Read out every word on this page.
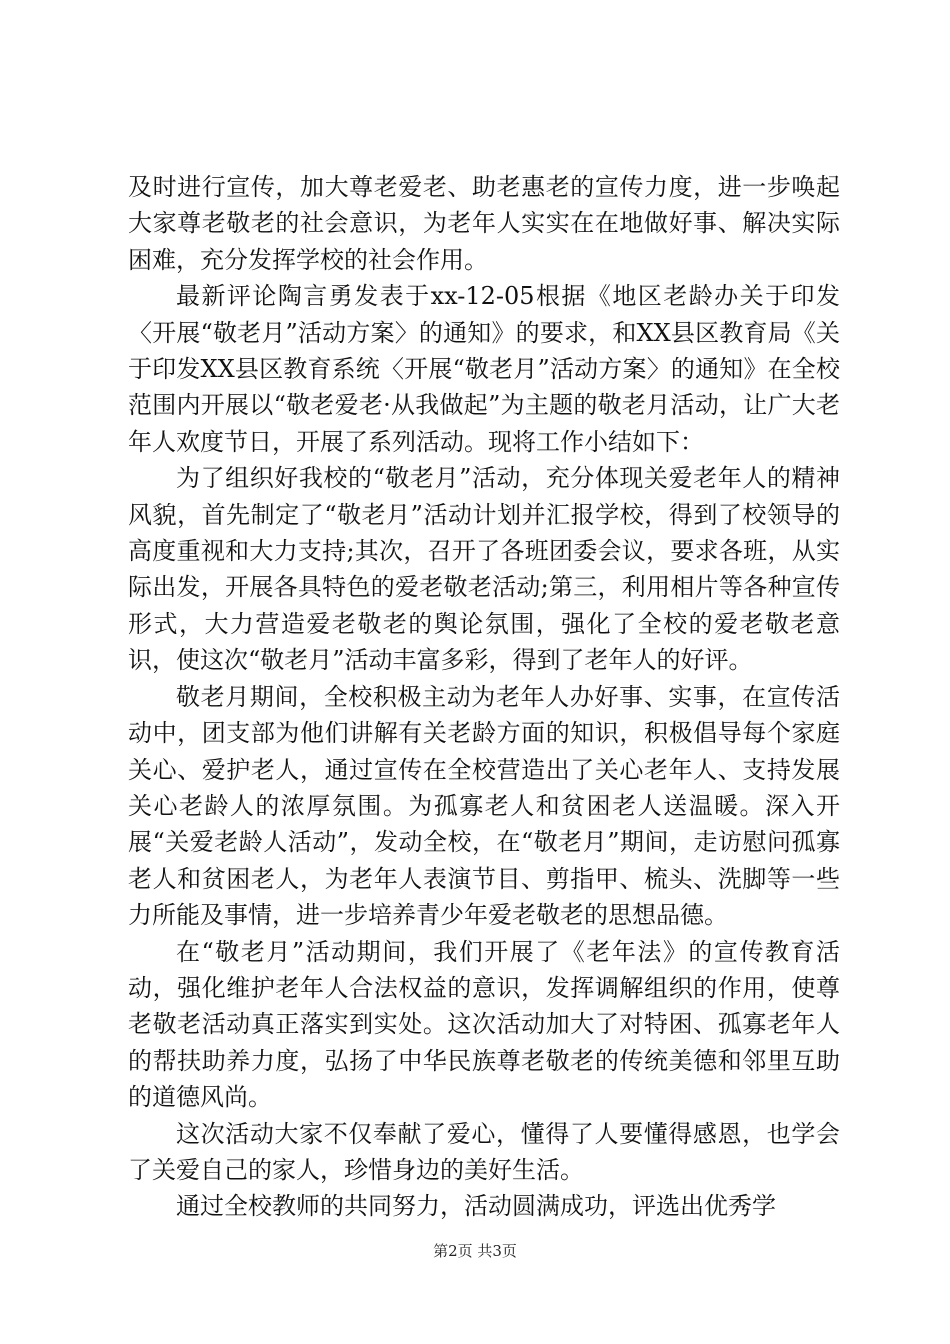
及时进行宣传，加大尊老爱老、助老惠老的宣传力度，进一步唤起大家尊老敬老的社会意识，为老年人实实在在地做好事、解决实际困难，充分发挥学校的社会作用。

最新评论陶言勇发表于xx-12-05根据《地区老龄办关于印发〈开展“敬老月”活动方案〉的通知》的要求，和XX县区教育局《关于印发XX县区教育系统〈开展“敬老月”活动方案〉的通知》在全校范围内开展以“敬老爱老·从我做起”为主题的敬老月活动，让广大老年人欢度节日，开展了系列活动。现将工作小结如下：

为了组织好我校的“敬老月”活动，充分体现关爱老年人的精神风貌，首先制定了“敬老月”活动计划并汇报学校，得到了校领导的高度重视和大力支持;其次，召开了各班团委会议，要求各班，从实际出发，开展各具特色的爱老敬老活动;第三，利用相片等各种宣传形式，大力营造爱老敬老的舆论氛围，强化了全校的爱老敬老意识，使这次“敬老月”活动丰富多彩，得到了老年人的好评。

敬老月期间，全校积极主动为老年人办好事、实事，在宣传活动中，团支部为他们讲解有关老龄方面的知识，积极倡导每个家庭关心、爱护老人，通过宣传在全校营造出了关心老年人、支持发展关心老龄人的浓厚氛围。为孤寡老人和贫困老人送温暖。深入开展“关爱老龄人活动”，发动全校，在“敬老月”期间，走访慰问孤寡老人和贫困老人，为老年人表演节目、剪指甲、梳头、洗脚等一些力所能及事情，进一步培养青少年爱老敬老的思想品德。

在“敬老月”活动期间，我们开展了《老年法》的宣传教育活动，强化维护老年人合法权益的意识，发挥调解组织的作用，使尊老敬老活动真正落实到实处。这次活动加大了对特困、孤寡老年人的帮扶助养力度，弘扬了中华民族尊老敬老的传统美德和邻里互助的道德风尚。

这次活动大家不仅奉献了爱心，懂得了人要懂得感恩，也学会了关爱自己的家人，珍惜身边的美好生活。

通过全校教师的共同努力，活动圆满成功，评选出优秀学

第2页 共3页
